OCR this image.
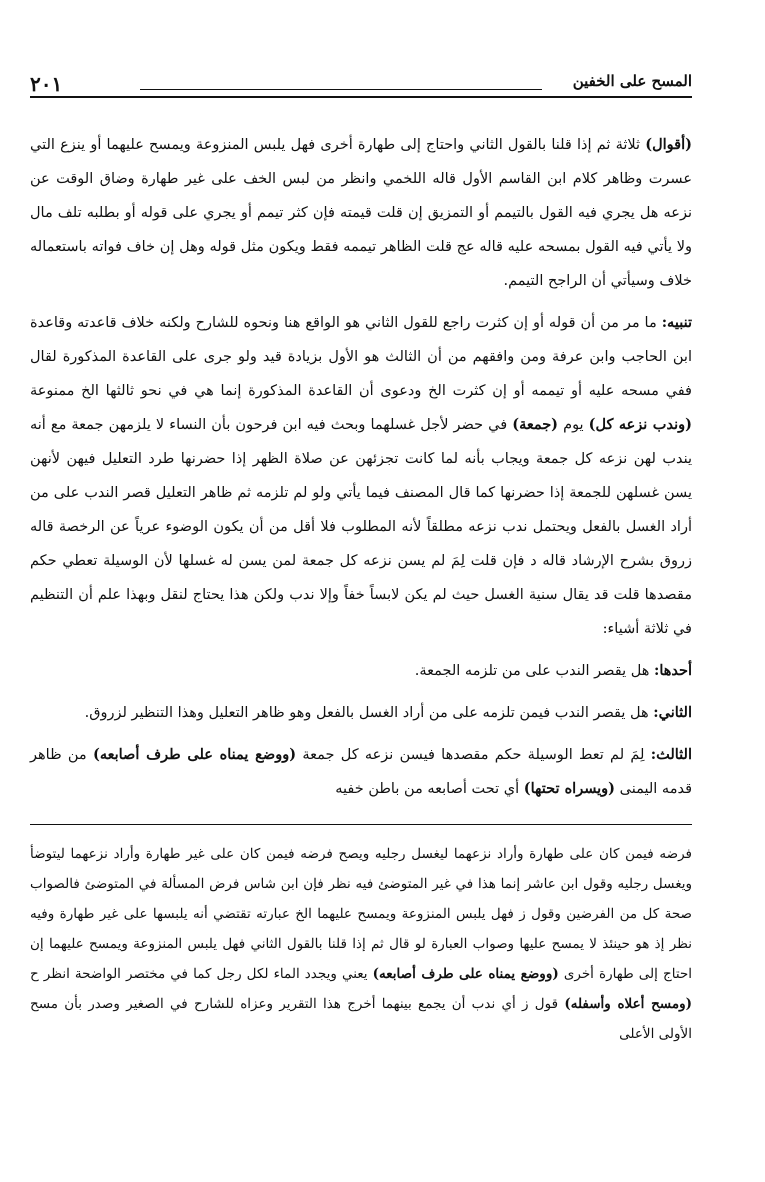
المسح على الخفين
٢٠١

(أقوال) ثلاثة ثم إذا قلنا بالقول الثاني واحتاج إلى طهارة أخرى فهل يلبس المنزوعة ويمسح عليهما أو ينزع التي عسرت وظاهر كلام ابن القاسم الأول قاله اللخمي وانظر من لبس الخف على غير طهارة وضاق الوقت عن نزعه هل يجري فيه القول بالتيمم أو التمزيق إن قلت قيمته فإن كثر تيمم أو يجري على قوله أو بطلبه تلف مال ولا يأتي فيه القول بمسحه عليه قاله عج قلت الظاهر تيممه فقط ويكون مثل قوله وهل إن خاف فواته باستعماله خلاف وسيأتي أن الراجح التيمم.

تنبيه: ما مر من أن قوله أو إن كثرت راجع للقول الثاني هو الواقع هنا ونحوه للشارح ولكنه خلاف قاعدته وقاعدة ابن الحاجب وابن عرفة ومن وافقهم من أن الثالث هو الأول بزيادة قيد ولو جرى على القاعدة المذكورة لقال ففي مسحه عليه أو تيممه أو إن كثرت الخ ودعوى أن القاعدة المذكورة إنما هي في نحو ثالثها الخ ممنوعة (وندب نزعه كل) يوم (جمعة) في حضر لأجل غسلهما وبحث فيه ابن فرحون بأن النساء لا يلزمهن جمعة مع أنه يندب لهن نزعه كل جمعة ويجاب بأنه لما كانت تجزئهن عن صلاة الظهر إذا حضرنها طرد التعليل فيهن لأنهن يسن غسلهن للجمعة إذا حضرنها كما قال المصنف فيما يأتي ولو لم تلزمه ثم ظاهر التعليل قصر الندب على من أراد الغسل بالفعل ويحتمل ندب نزعه مطلقاً لأنه المطلوب فلا أقل من أن يكون الوضوء عرياً عن الرخصة قاله زروق بشرح الإرشاد قاله د فإن قلت لِمَ لم يسن نزعه كل جمعة لمن يسن له غسلها لأن الوسيلة تعطي حكم مقصدها قلت قد يقال سنية الغسل حيث لم يكن لابساً خفاً وإلا ندب ولكن هذا يحتاج لنقل وبهذا علم أن التنظيم في ثلاثة أشياء:

أحدها: هل يقصر الندب على من تلزمه الجمعة.

الثاني: هل يقصر الندب فيمن تلزمه على من أراد الغسل بالفعل وهو ظاهر التعليل وهذا التنظير لزروق.

الثالث: لِمَ لم تعط الوسيلة حكم مقصدها فيسن نزعه كل جمعة (ووضع يمناه على طرف أصابعه) من ظاهر قدمه اليمنى (ويسراه تحتها) أي تحت أصابعه من باطن خفيه

فرضه فيمن كان على طهارة وأراد نزعهما ليغسل رجليه ويصح فرضه فيمن كان على غير طهارة وأراد نزعهما ليتوضأ ويغسل رجليه وقول ابن عاشر إنما هذا في غير المتوضئ فيه نظر فإن ابن شاس فرض المسألة في المتوضئ فالصواب صحة كل من الفرضين وقول ز فهل يلبس المنزوعة ويمسح عليهما الخ عبارته تقتضي أنه يلبسها على غير طهارة وفيه نظر إذ هو حينئذ لا يمسح عليها وصواب العبارة لو قال ثم إذا قلنا بالقول الثاني فهل يلبس المنزوعة ويمسح عليهما إن احتاج إلى طهارة أخرى (ووضع يمناه على طرف أصابعه) يعني ويجدد الماء لكل رجل كما في مختصر الواضحة انظر ح (ومسح أعلاه وأسفله) قول ز أي ندب أن يجمع بينهما أخرج هذا التقرير وعزاه للشارح في الصغير وصدر بأن مسح الأولى الأعلى
